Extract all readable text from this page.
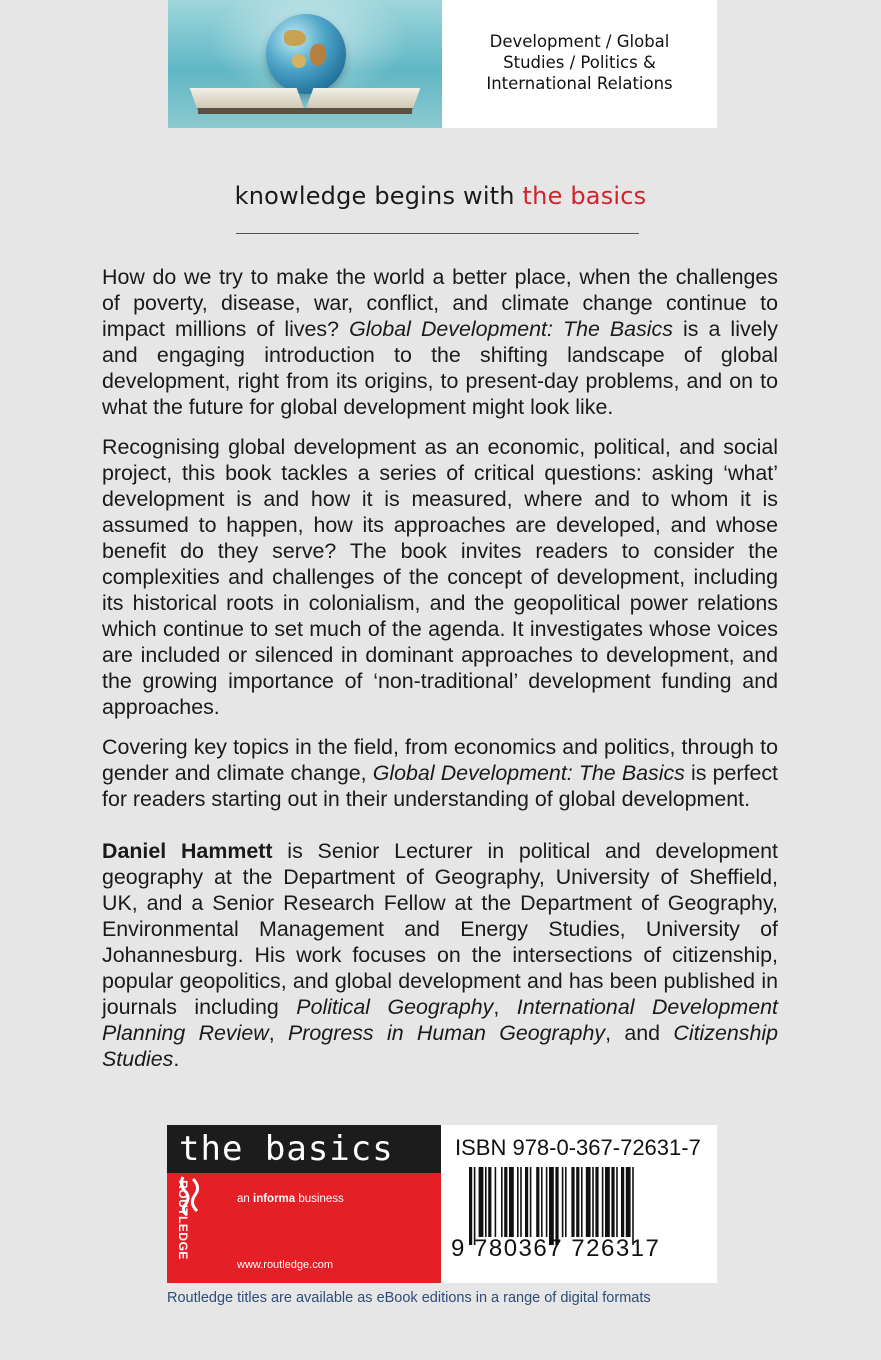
Development / Global
Studies / Politics &
International Relations
knowledge begins with the basics

How do we try to make the world a better place, when the challenges of poverty, disease, war, conflict, and climate change continue to impact millions of lives? Global Development: The Basics is a lively and engaging introduction to the shifting landscape of global development, right from its origins, to present-day problems, and on to what the future for global development might look like.

Recognising global development as an economic, political, and social project, this book tackles a series of critical questions: asking ‘what’ development is and how it is measured, where and to whom it is assumed to happen, how its approaches are developed, and whose benefit do they serve? The book invites readers to consider the complexities and challenges of the concept of development, including its historical roots in colonialism, and the geopolitical power relations which continue to set much of the agenda. It investigates whose voices are included or silenced in dominant approaches to development, and the growing importance of ‘non-traditional’ development funding and approaches.

Covering key topics in the field, from economics and politics, through to gender and climate change, Global Development: The Basics is perfect for readers starting out in their understanding of global development.

Daniel Hammett is Senior Lecturer in political and development geography at the Department of Geography, University of Sheffield, UK, and a Senior Research Fellow at the Department of Geography, Environmental Management and Energy Studies, University of Johannesburg. His work focuses on the intersections of citizenship, popular geopolitics, and global development and has been published in journals including Political Geography, International Development Planning Review, Progress in Human Geography, and Citizenship Studies.

the basics
ROUTLEDGE	an informa business
www.routledge.com
ISBN 978-0-367-72631-7
9 780367 726317
Routledge titles are available as eBook editions in a range of digital formats
